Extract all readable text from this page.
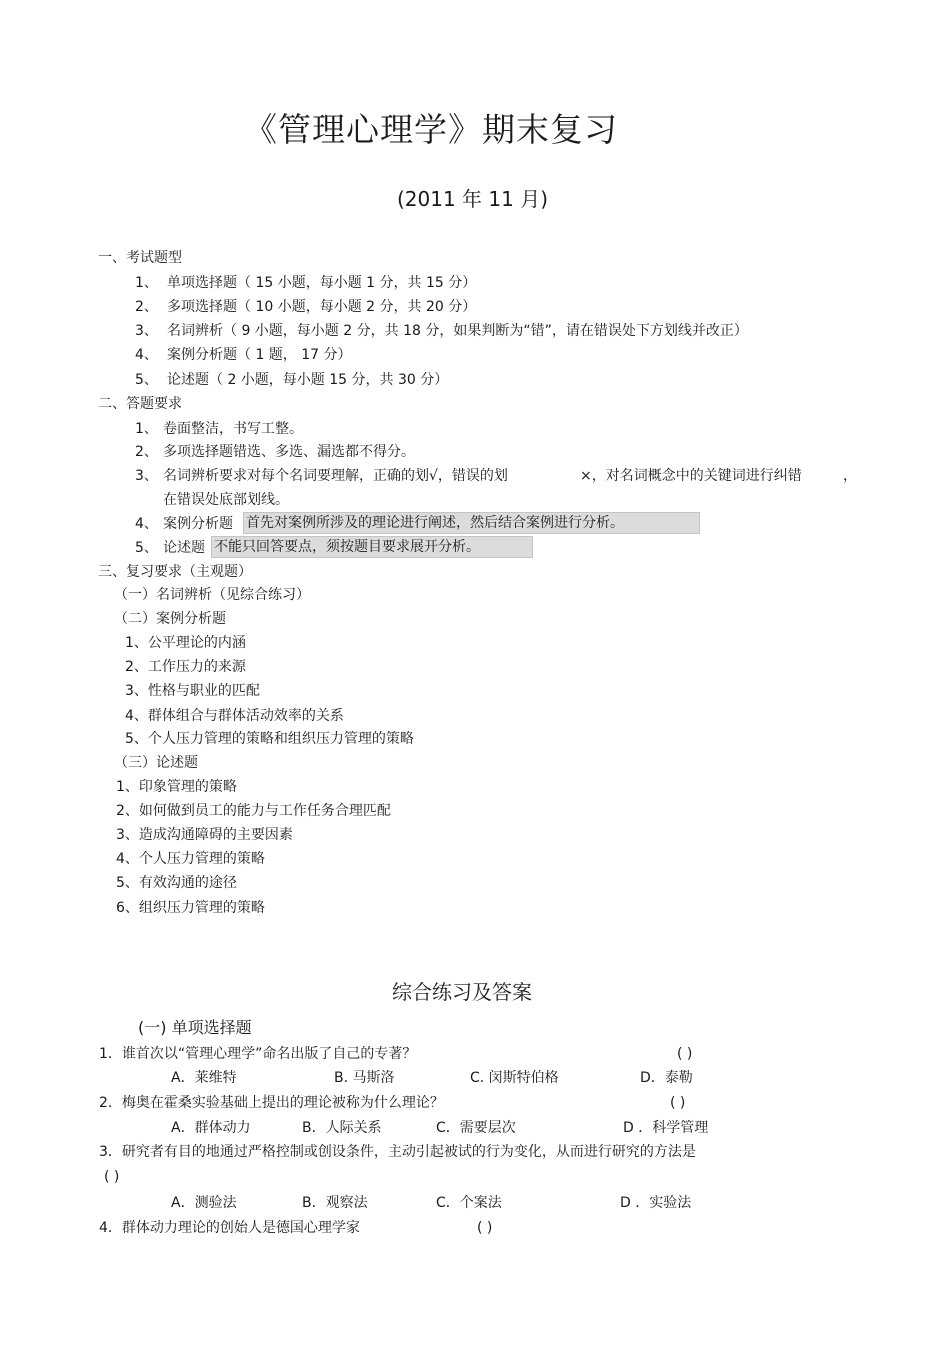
《管理心理学》期末复习
(2011 年 11 月)
一、考试题型
1、 单项选择题（ 15 小题，每小题 1 分，共 15 分）
2、 多项选择题（ 10 小题，每小题 2 分，共 20 分）
3、 名词辨析（ 9 小题，每小题 2 分，共 18 分，如果判断为“错”，请在错误处下方划线并改正）
4、 案例分析题（ 1 题， 17 分）
5、 论述题（ 2 小题，每小题 15 分，共 30 分）
二、答题要求
1、 卷面整洁，书写工整。
2、 多项选择题错选、多选、漏选都不得分。
3、 名词辨析要求对每个名词要理解，正确的划√，错误的划	×，对名词概念中的关键词进行纠错	，
在错误处底部划线。
4、 案例分析题 首先对案例所涉及的理论进行阐述，然后结合案例进行分析。
5、 论述题 不能只回答要点，须按题目要求展开分析。
三、复习要求（主观题）
（一）名词辨析（见综合练习）
（二）案例分析题
1、公平理论的内涵
2、工作压力的来源
3、性格与职业的匹配
4、群体组合与群体活动效率的关系
5、个人压力管理的策略和组织压力管理的策略
（三）论述题
1、印象管理的策略
2、如何做到员工的能力与工作任务合理匹配
3、造成沟通障碍的主要因素
4、个人压力管理的策略
5、有效沟通的途径
6、组织压力管理的策略
综合练习及答案
(一) 单项选择题
1．谁首次以“管理心理学”命名出版了自己的专著？	( )
A．莱维特	B. 马斯洛	C. 闵斯特伯格	D．泰勒
2．梅奥在霍桑实验基础上提出的理论被称为什么理论？	( )
A．群体动力	B．人际关系	C．需要层次	D ．科学管理
3．研究者有目的地通过严格控制或创设条件，主动引起被试的行为变化，从而进行研究的方法是
( )
A．测验法	B．观察法	C．个案法	D ．实验法
4．群体动力理论的创始人是德国心理学家	( )
